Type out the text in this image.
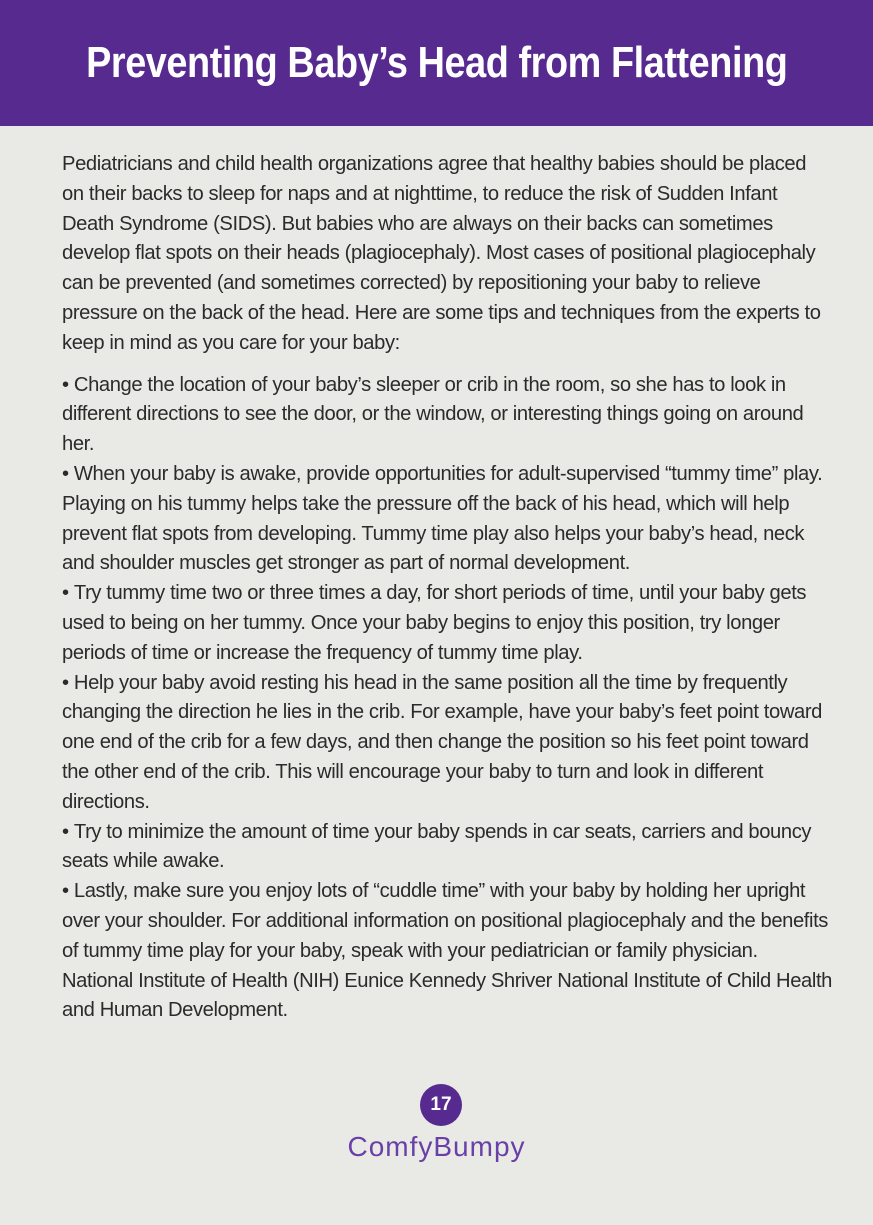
Preventing Baby’s Head from Flattening

Pediatricians and child health organizations agree that healthy babies should be placed on their backs to sleep for naps and at nighttime, to reduce the risk of Sudden Infant Death Syndrome (SIDS). But babies who are always on their backs can sometimes develop flat spots on their heads (plagiocephaly). Most cases of positional plagiocephaly can be prevented (and sometimes corrected) by repositioning your baby to relieve pressure on the back of the head. Here are some tips and techniques from the experts to keep in mind as you care for your baby:

• Change the location of your baby’s sleeper or crib in the room, so she has to look in different directions to see the door, or the window, or interesting things going on around her.

• When your baby is awake, provide opportunities for adult-supervised “tummy time” play. Playing on his tummy helps take the pressure off the back of his head, which will help prevent flat spots from developing. Tummy time play also helps your baby’s head, neck and shoulder muscles get stronger as part of normal development.

• Try tummy time two or three times a day, for short periods of time, until your baby gets used to being on her tummy. Once your baby begins to enjoy this position, try longer periods of time or increase the frequency of tummy time play.

• Help your baby avoid resting his head in the same position all the time by frequently changing the direction he lies in the crib. For example, have your baby’s feet point toward one end of the crib for a few days, and then change the position so his feet point toward the other end of the crib. This will encourage your baby to turn and look in different directions.

• Try to minimize the amount of time your baby spends in car seats, carriers and bouncy seats while awake.

• Lastly, make sure you enjoy lots of “cuddle time” with your baby by holding her upright over your shoulder. For additional information on positional plagiocephaly and the benefits of tummy time play for your baby, speak with your pediatrician or family physician. National Institute of Health (NIH) Eunice Kennedy Shriver National Institute of Child Health and Human Development.

17
ComfyBumpy
